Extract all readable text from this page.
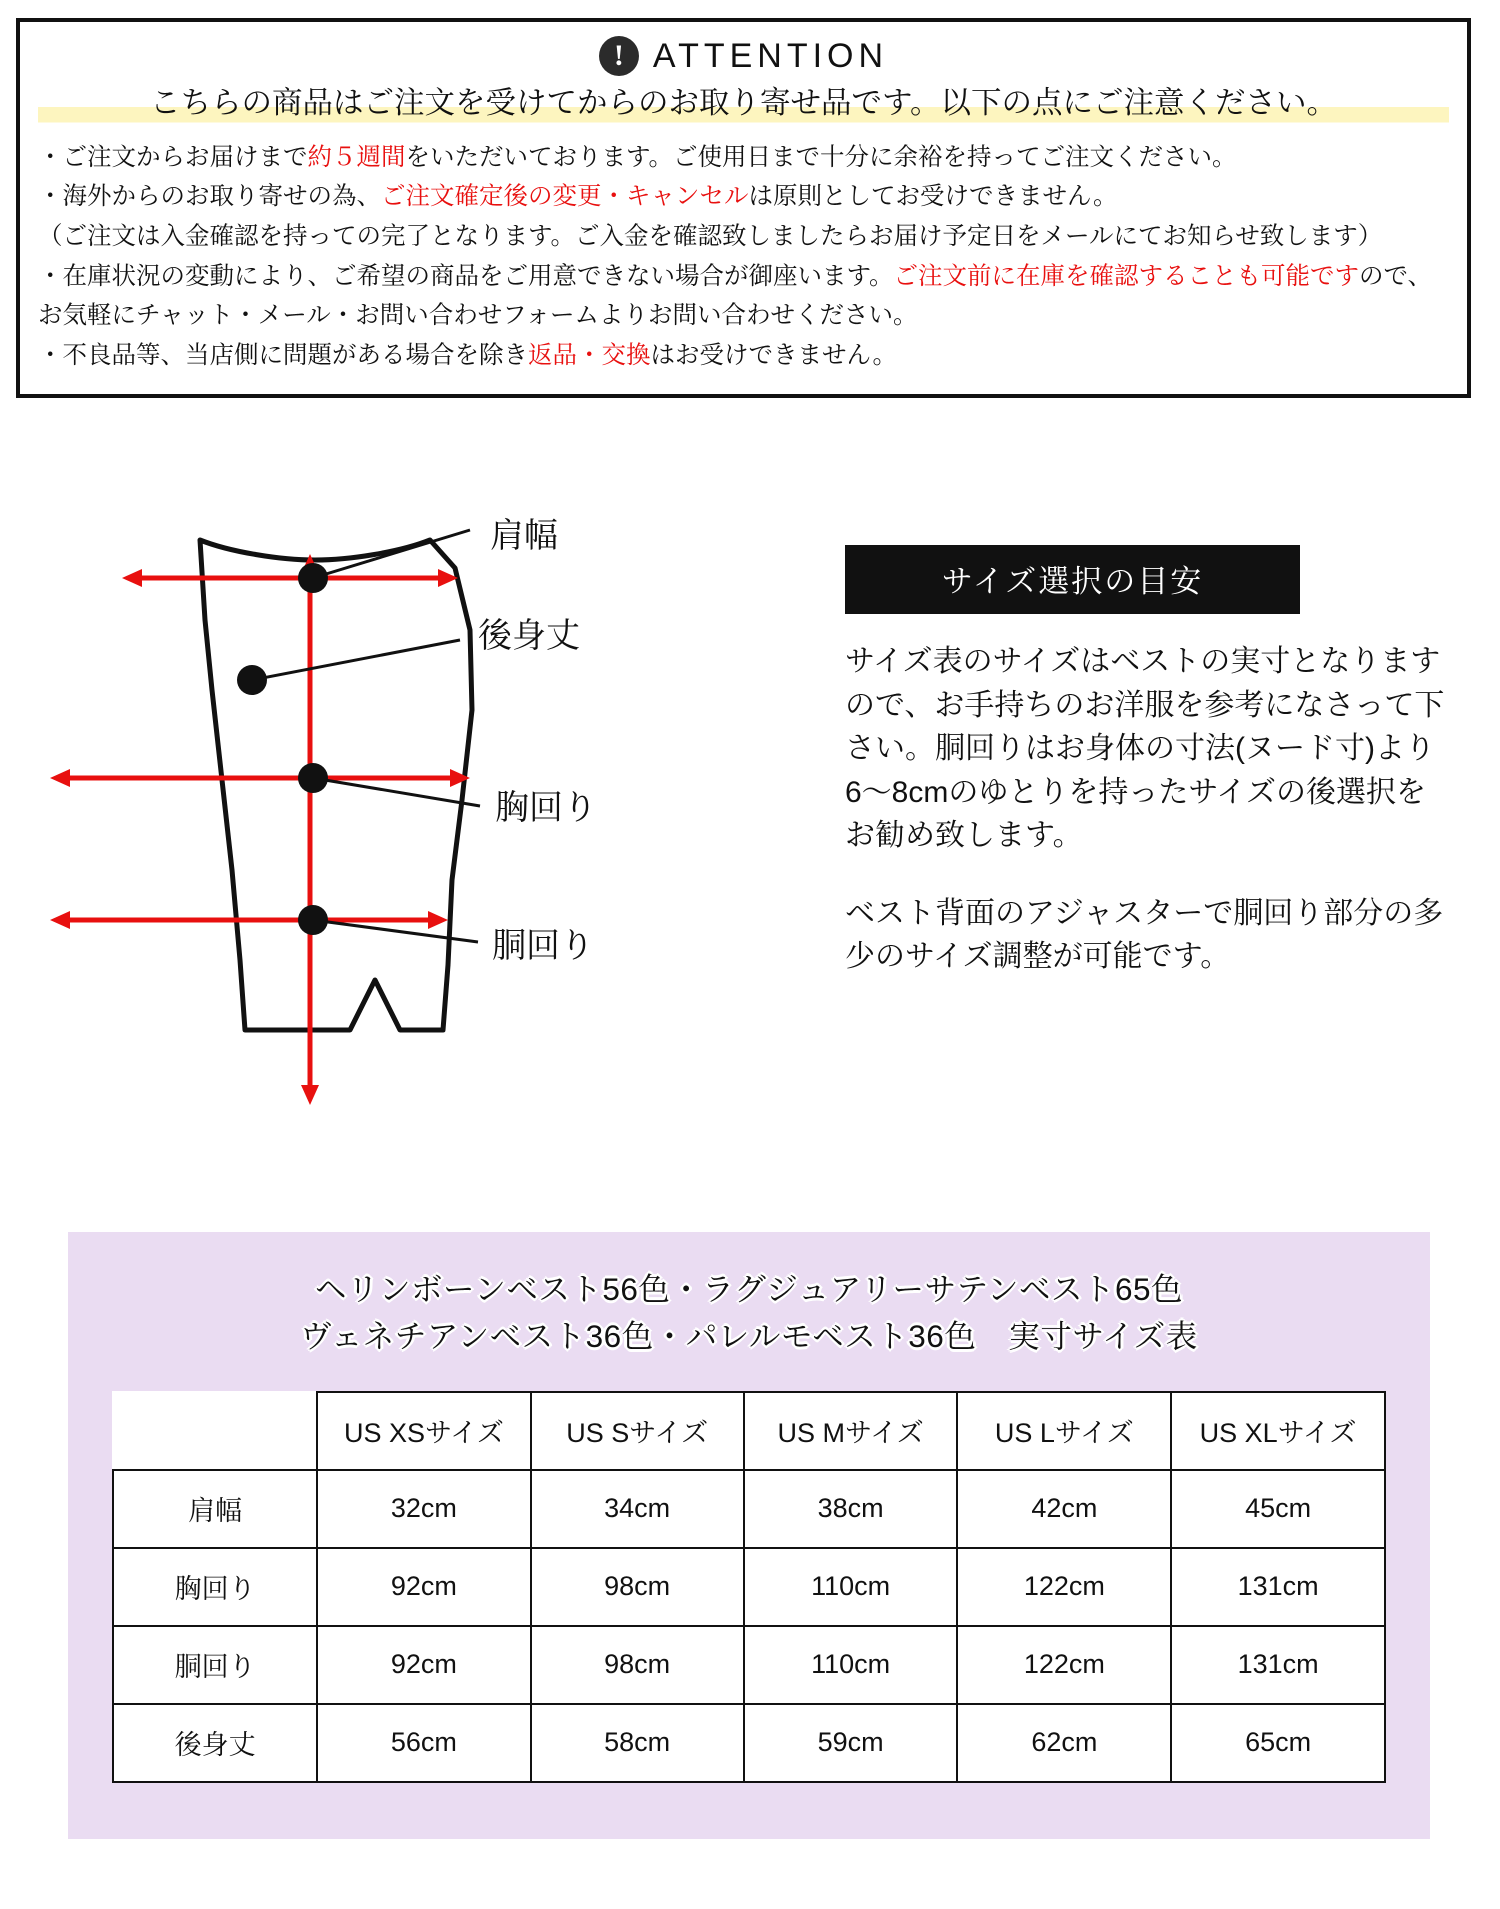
! ATTENTION
こちらの商品はご注文を受けてからのお取り寄せ品です。以下の点にご注意ください。
・ご注文からお届けまで約５週間をいただいております。ご使用日まで十分に余裕を持ってご注文ください。
・海外からのお取り寄せの為、ご注文確定後の変更・キャンセルは原則としてお受けできません。
（ご注文は入金確認を持っての完了となります。ご入金を確認致しましたらお届け予定日をメールにてお知らせ致します）
・在庫状況の変動により、ご希望の商品をご用意できない場合が御座います。ご注文前に在庫を確認することも可能ですので、お気軽にチャット・メール・お問い合わせフォームよりお問い合わせください。
・不良品等、当店側に問題がある場合を除き返品・交換はお受けできません。
肩幅
後身丈
胸回り
胴回り
サイズ選択の目安

サイズ表のサイズはベストの実寸となりますので、お手持ちのお洋服を参考になさって下さい。胴回りはお身体の寸法(ヌード寸)より6〜8cmのゆとりを持ったサイズの後選択をお勧め致します。

ベスト背面のアジャスターで胴回り部分の多少のサイズ調整が可能です。

ヘリンボーンベスト56色・ラグジュアリーサテンベスト65色
ヴェネチアンベスト36色・パレルモベスト36色　実寸サイズ表
	US XSサイズ	US Sサイズ	US Mサイズ	US Lサイズ	US XLサイズ
肩幅	32cm	34cm	38cm	42cm	45cm
胸回り	92cm	98cm	110cm	122cm	131cm
胴回り	92cm	98cm	110cm	122cm	131cm
後身丈	56cm	58cm	59cm	62cm	65cm
